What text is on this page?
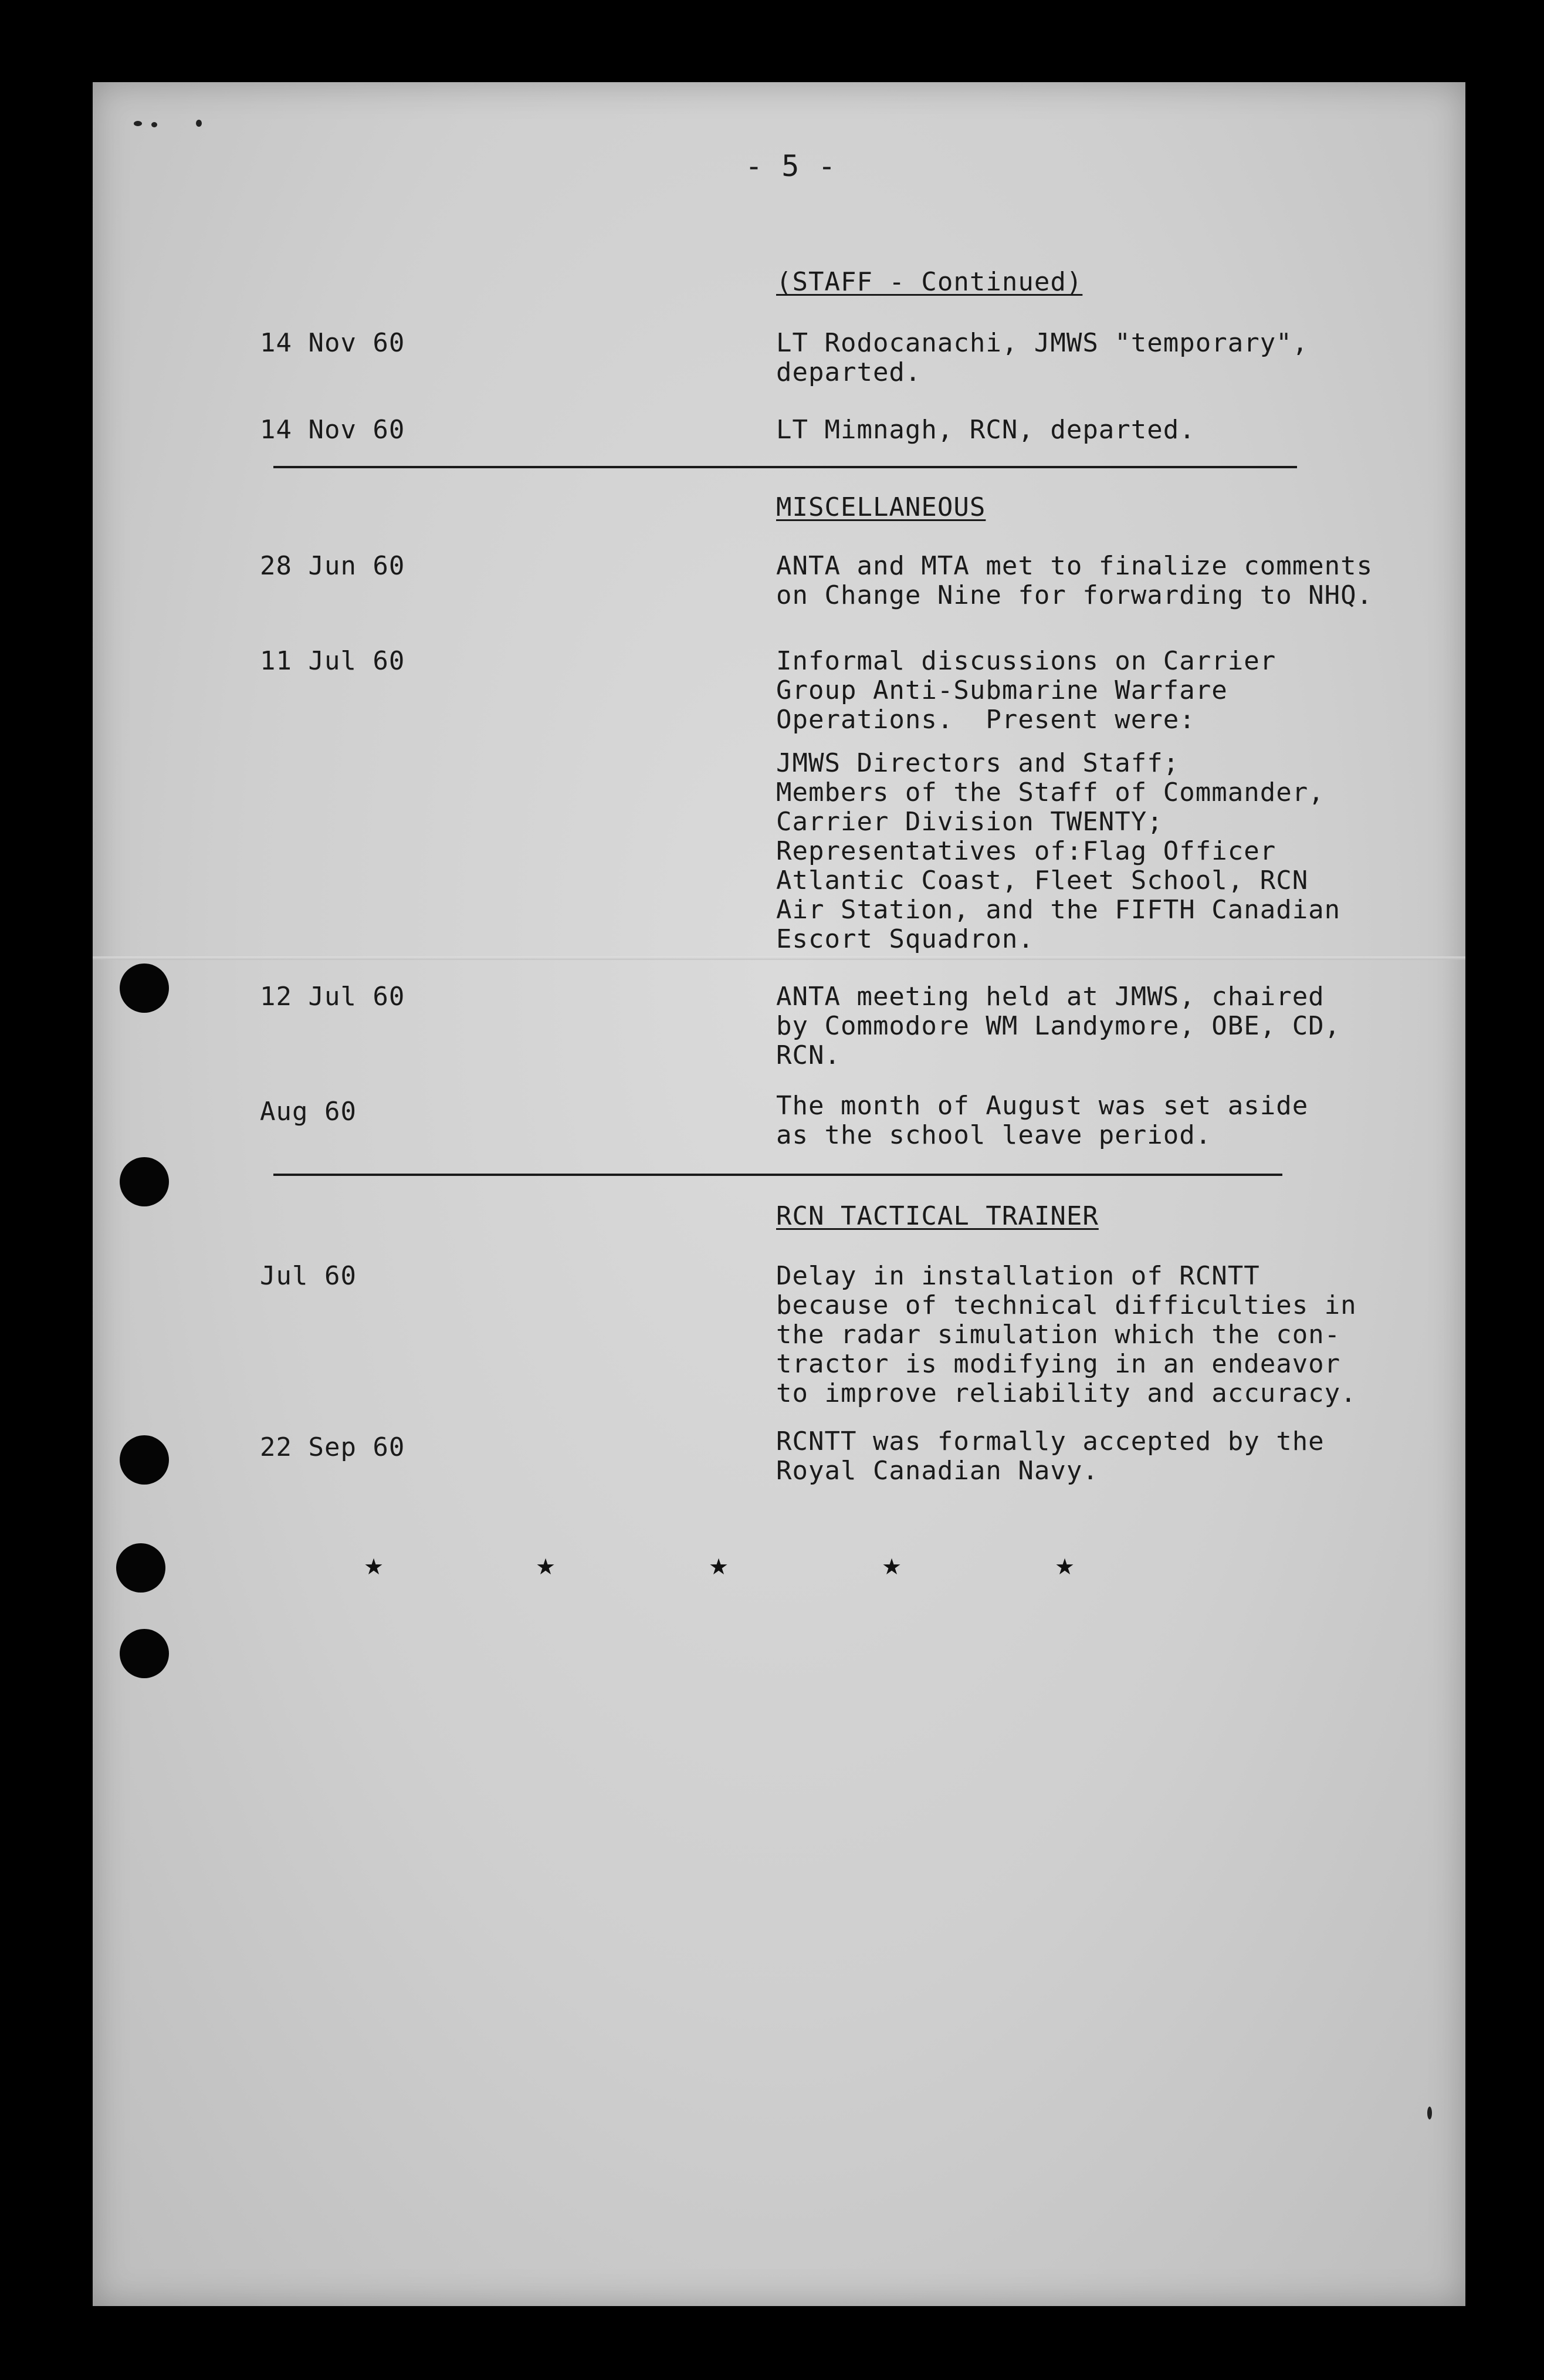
- 5 -
(STAFF - Continued)
14 Nov 60	LT Rodocanachi, JMWS "temporary",
departed.
14 Nov 60	LT Mimnagh, RCN, departed.
MISCELLANEOUS
28 Jun 60	ANTA and MTA met to finalize comments
on Change Nine for forwarding to NHQ.
11 Jul 60	Informal discussions on Carrier
Group Anti-Submarine Warfare
Operations.  Present were:
JMWS Directors and Staff;
Members of the Staff of Commander,
Carrier Division TWENTY;
Representatives of:Flag Officer
Atlantic Coast, Fleet School, RCN
Air Station, and the FIFTH Canadian
Escort Squadron.
12 Jul 60	ANTA meeting held at JMWS, chaired
by Commodore WM Landymore, OBE, CD,
RCN.
Aug 60	The month of August was set aside
as the school leave period.
RCN TACTICAL TRAINER
Jul 60	Delay in installation of RCNTT
because of technical difficulties in
the radar simulation which the con-
tractor is modifying in an endeavor
to improve reliability and accuracy.
22 Sep 60	RCNTT was formally accepted by the
Royal Canadian Navy.
★	★	★	★	★
